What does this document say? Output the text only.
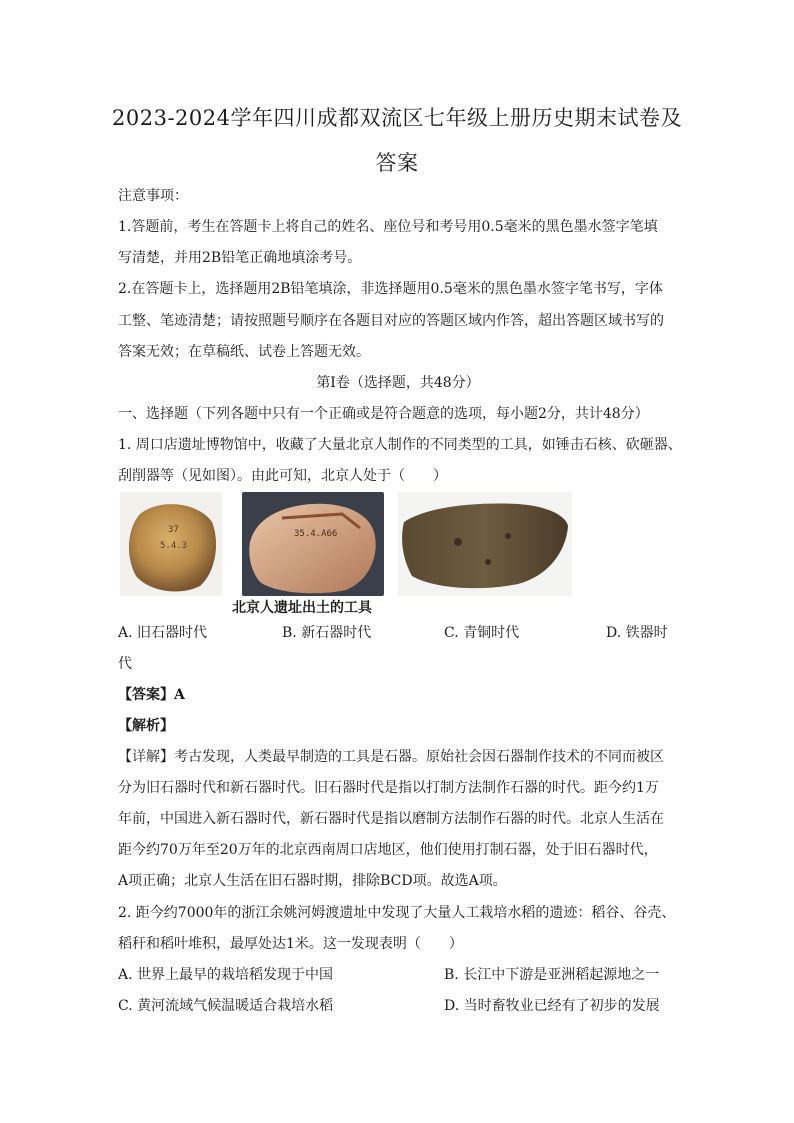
2023-2024学年四川成都双流区七年级上册历史期末试卷及
答案
注意事项：
1.答题前，考生在答题卡上将自己的姓名、座位号和考号用0.5毫米的黑色墨水签字笔填
写清楚，并用2B铅笔正确地填涂考号。
2.在答题卡上，选择题用2B铅笔填涂，非选择题用0.5毫米的黑色墨水签字笔书写，字体
工整、笔迹清楚；请按照题号顺序在各题目对应的答题区域内作答，超出答题区域书写的
答案无效；在草稿纸、试卷上答题无效。
第Ⅰ卷（选择题，共48分）
一、选择题（下列各题中只有一个正确或是符合题意的选项，每小题2分，共计48分）
1. 周口店遗址博物馆中，收藏了大量北京人制作的不同类型的工具，如锤击石核、砍砸器、
刮削器等（见如图）。由此可知，北京人处于（　　）
37
5.4.3
35.4.A66
北京人遗址出土的工具
A. 旧石器时代	B. 新石器时代	C. 青铜时代	D. 铁器时
代
【答案】A
【解析】
【详解】考古发现，人类最早制造的工具是石器。原始社会因石器制作技术的不同而被区
分为旧石器时代和新石器时代。旧石器时代是指以打制方法制作石器的时代。距今约1万
年前，中国进入新石器时代，新石器时代是指以磨制方法制作石器的时代。北京人生活在
距今约70万年至20万年的北京西南周口店地区，他们使用打制石器，处于旧石器时代，
A项正确；北京人生活在旧石器时期，排除BCD项。故选A项。
2. 距今约7000年的浙江余姚河姆渡遗址中发现了大量人工栽培水稻的遗迹：稻谷、谷壳、
稻秆和稻叶堆积，最厚处达1米。这一发现表明（　　）
A. 世界上最早的栽培稻发现于中国	B. 长江中下游是亚洲稻起源地之一
C. 黄河流域气候温暖适合栽培水稻	D. 当时畜牧业已经有了初步的发展
